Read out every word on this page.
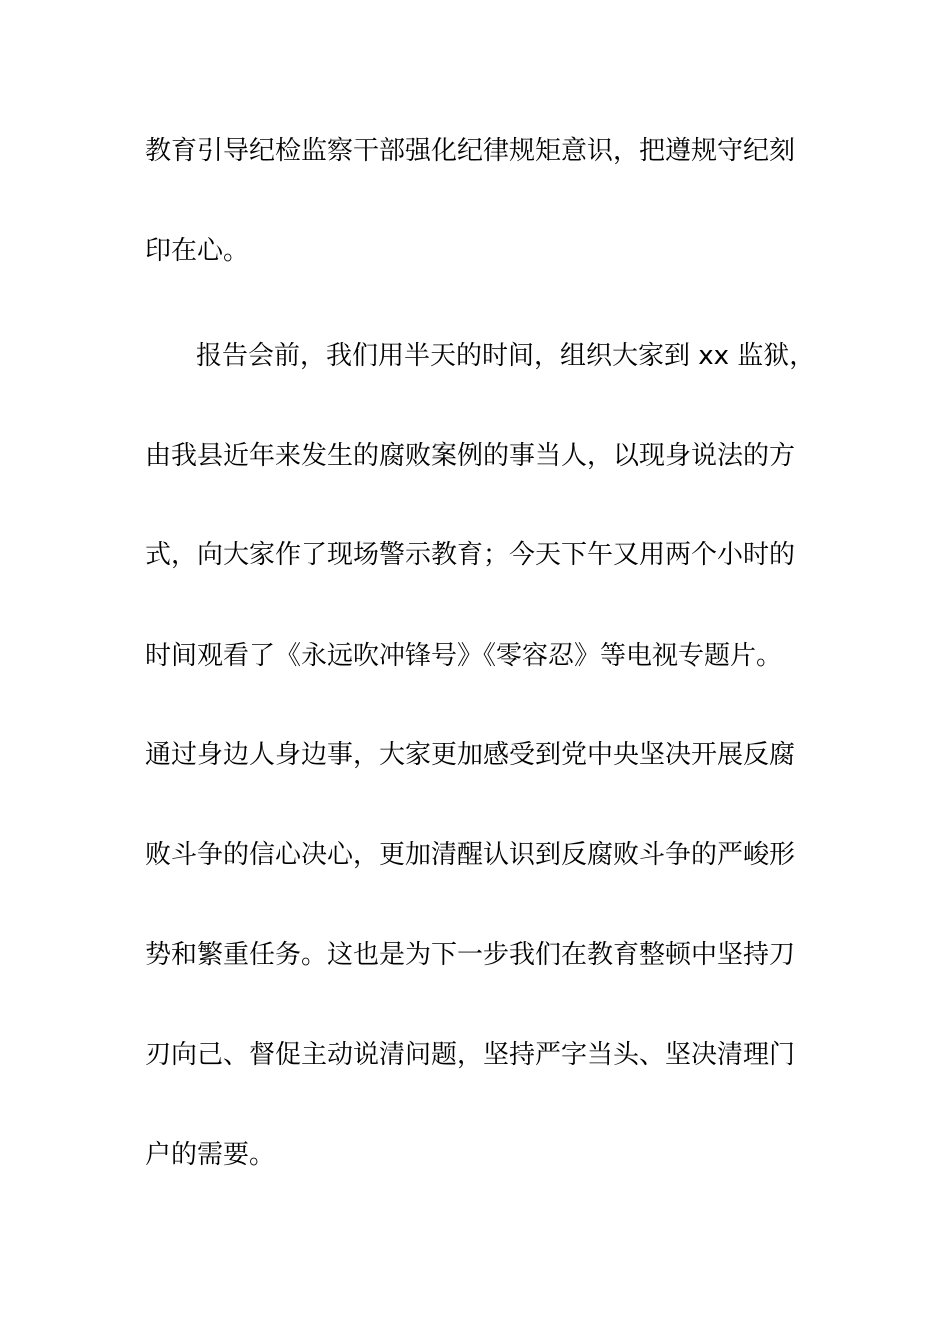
教育引导纪检监察干部强化纪律规矩意识，把遵规守纪刻
印在心。
报告会前，我们用半天的时间，组织大家到 xx 监狱，
由我县近年来发生的腐败案例的事当人，以现身说法的方
式，向大家作了现场警示教育；今天下午又用两个小时的
时间观看了《永远吹冲锋号》《零容忍》等电视专题片。
通过身边人身边事，大家更加感受到党中央坚决开展反腐
败斗争的信心决心，更加清醒认识到反腐败斗争的严峻形
势和繁重任务。这也是为下一步我们在教育整顿中坚持刀
刃向己、督促主动说清问题，坚持严字当头、坚决清理门
户的需要。
